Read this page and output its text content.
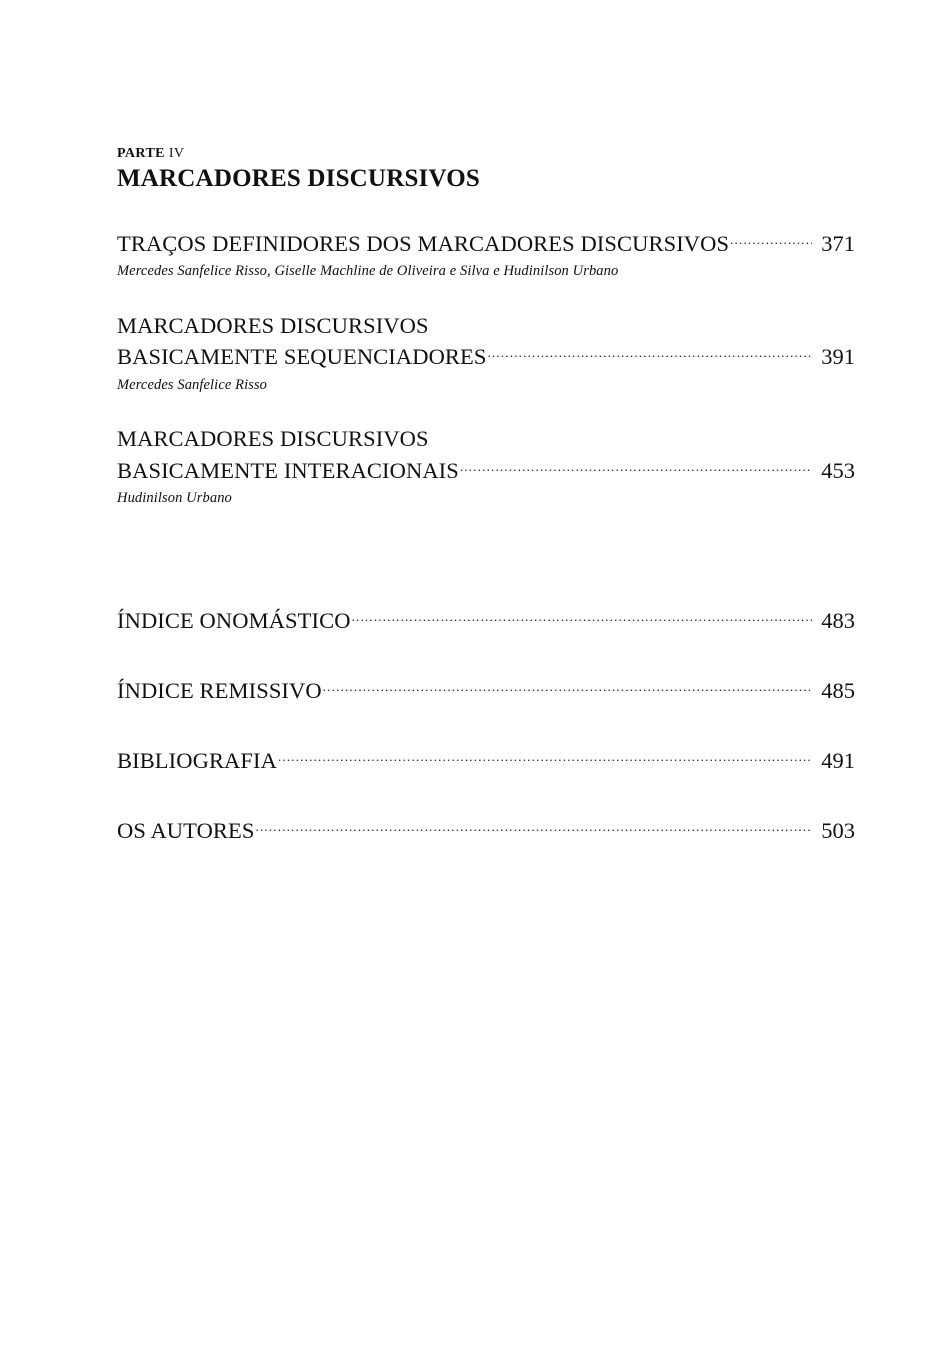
PARTE IV

MARCADORES DISCURSIVOS
TRAÇOS DEFINIDORES DOS MARCADORES DISCURSIVOS .....	371
Mercedes Sanfelice Risso, Giselle Machline de Oliveira e Silva e Hudinilson Urbano
MARCADORES DISCURSIVOS
BASICAMENTE SEQUENCIADORES .....	391
Mercedes Sanfelice Risso
MARCADORES DISCURSIVOS
BASICAMENTE INTERACIONAIS .....	453
Hudinilson Urbano
ÍNDICE ONOMÁSTICO .....	483
ÍNDICE REMISSIVO .....	485
BIBLIOGRAFIA .....	491
OS AUTORES .....	503
